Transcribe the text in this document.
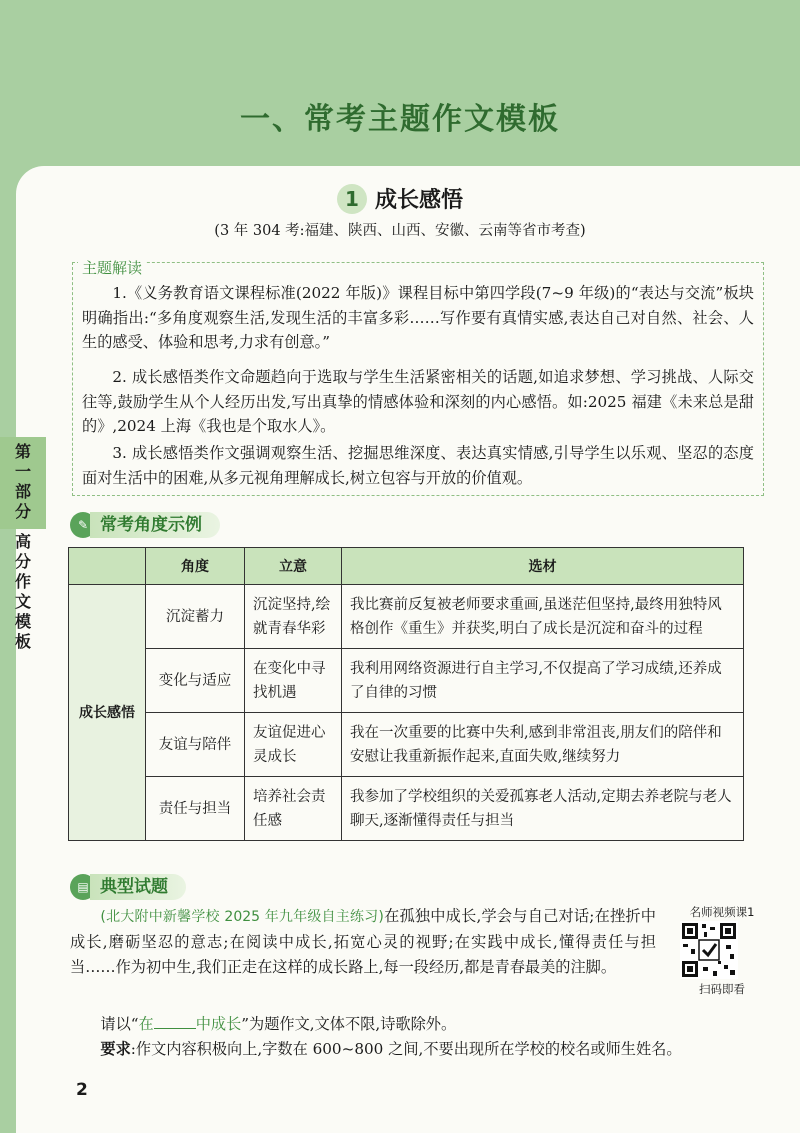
一、常考主题作文模板
第一部分
高分作文模板
1 成长感悟
(3 年 304 考:福建、陕西、山西、安徽、云南等省市考查)
主题解读
1.《义务教育语文课程标准(2022 年版)》课程目标中第四学段(7~9 年级)的“表达与交流”板块明确指出:“多角度观察生活,发现生活的丰富多彩……写作要有真情实感,表达自己对自然、社会、人生的感受、体验和思考,力求有创意。”
2. 成长感悟类作文命题趋向于选取与学生生活紧密相关的话题,如追求梦想、学习挑战、人际交往等,鼓励学生从个人经历出发,写出真挚的情感体验和深刻的内心感悟。如:2025 福建《未来总是甜的》,2024 上海《我也是个取水人》。
3. 成长感悟类作文强调观察生活、挖掘思维深度、表达真实情感,引导学生以乐观、坚忍的态度面对生活中的困难,从多元视角理解成长,树立包容与开放的价值观。
✎ 常考角度示例
	角度	立意	选材
成长感悟	沉淀蓄力	沉淀坚持,绘就青春华彩	我比赛前反复被老师要求重画,虽迷茫但坚持,最终用独特风格创作《重生》并获奖,明白了成长是沉淀和奋斗的过程
	变化与适应	在变化中寻找机遇	我利用网络资源进行自主学习,不仅提高了学习成绩,还养成了自律的习惯
	友谊与陪伴	友谊促进心灵成长	我在一次重要的比赛中失利,感到非常沮丧,朋友们的陪伴和安慰让我重新振作起来,直面失败,继续努力
	责任与担当	培养社会责任感	我参加了学校组织的关爱孤寡老人活动,定期去养老院与老人聊天,逐渐懂得责任与担当
▤ 典型试题
(北大附中新馨学校 2025 年九年级自主练习)在孤独中成长,学会与自己对话;在挫折中成长,磨砺坚忍的意志;在阅读中成长,拓宽心灵的视野;在实践中成长,懂得责任与担当……作为初中生,我们正走在这样的成长路上,每一段经历,都是青春最美的注脚。
请以“在	中成长”为题作文,文体不限,诗歌除外。
要求:作文内容积极向上,字数在 600~800 之间,不要出现所在学校的校名或师生姓名。
名师视频课1
扫码即看
2
